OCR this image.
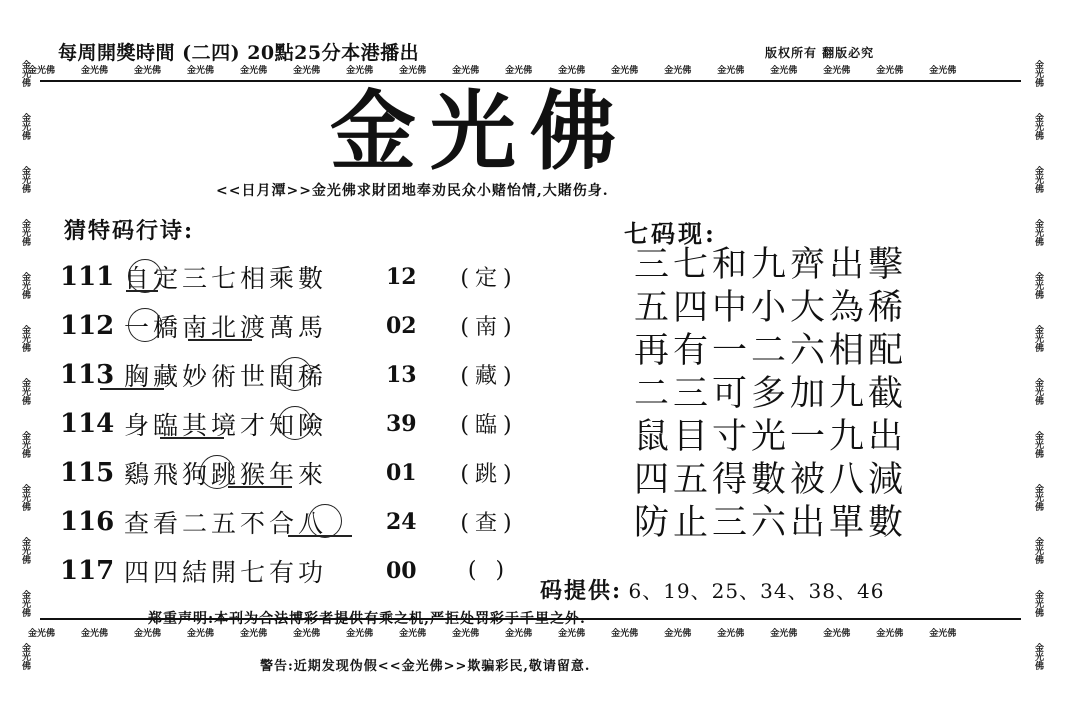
每周開獎時間 (二四) 20點25分本港播出	版权所有 翻版必究
金光佛	金光佛	金光佛	金光佛	金光佛	金光佛	金光佛	金光佛	金光佛	金光佛	金光佛	金光佛	金光佛	金光佛	金光佛	金光佛	金光佛	金光佛
金光佛金光佛金光佛金光佛金光佛金光佛金光佛金光佛金光佛金光佛金光佛金光佛
金光佛金光佛金光佛金光佛金光佛金光佛金光佛金光佛金光佛金光佛金光佛金光佛
金光佛	金光佛	金光佛	金光佛	金光佛	金光佛	金光佛	金光佛	金光佛	金光佛	金光佛	金光佛	金光佛	金光佛	金光佛	金光佛	金光佛	金光佛
金光佛
<<日月潭>>金光佛求財团地奉劝民众小赌怡情,大賭伤身.
猜特码行诗:
111 自定三七相乘數	12	(定)
112 一橋南北渡萬馬	02	(南)
113 胸藏妙術世間稀	13	(藏)
114 身臨其境才知險	39	(臨)
115 鷄飛狗跳猴年來	01	(跳)
116 查看二五不合八	24	(查)
117 四四結開七有功	00	( )
七码现:
三七和九齊出擊
五四中小大為稀
再有一二六相配
二三可多加九截
鼠目寸光一九出
四五得數被八減
防止三六出單數
码提供: 6、19、25、34、38、46
郑重声明:本刊为合法博彩者提供有乘之机,严拒处罚彩于千里之外.
警告:近期发现伪假<<金光佛>>欺骗彩民,敬请留意.
